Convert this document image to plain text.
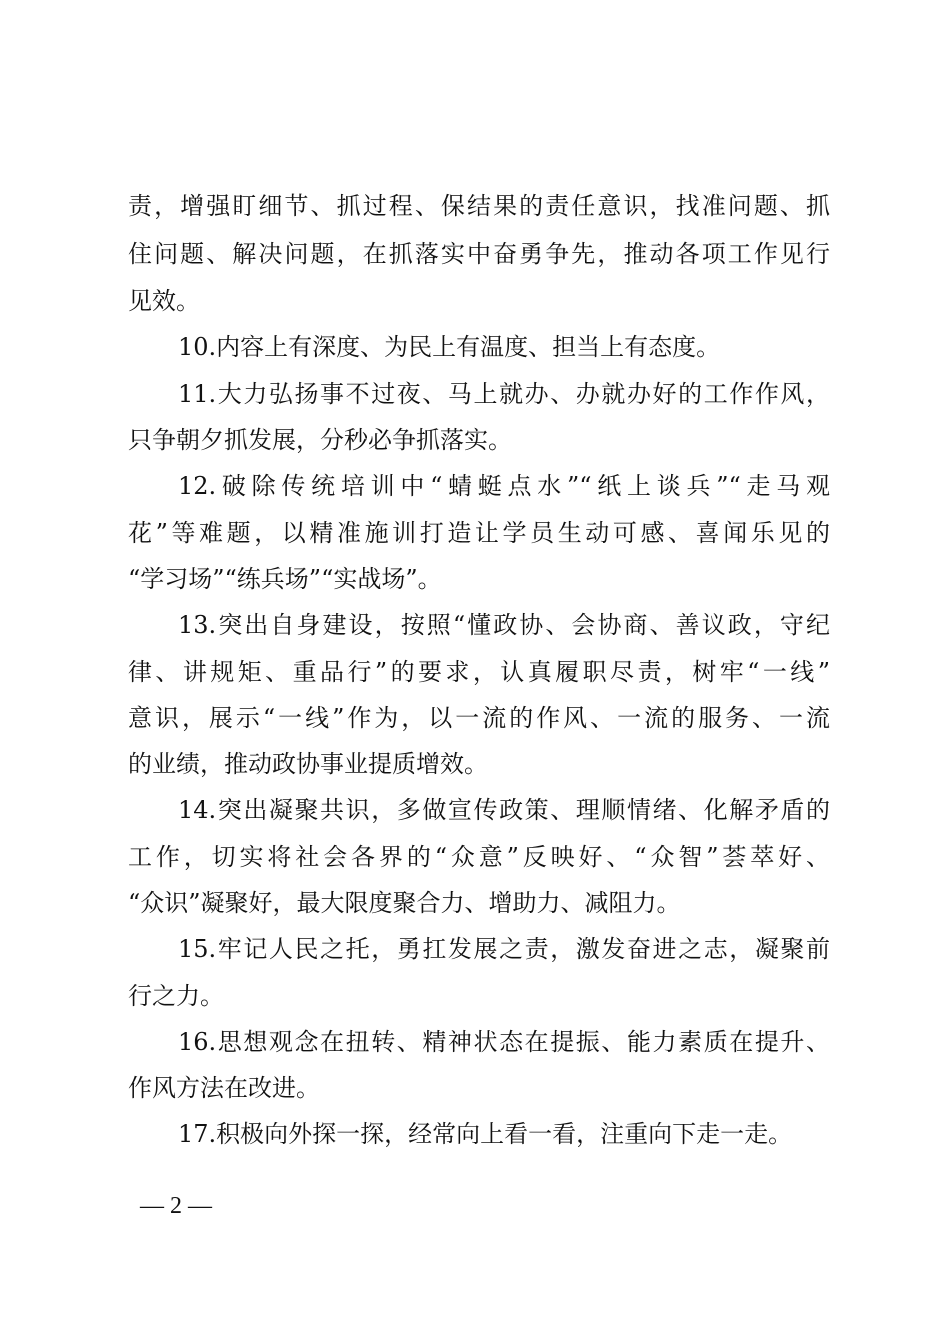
责，增强盯细节、抓过程、保结果的责任意识，找准问题、抓
住问题、解决问题，在抓落实中奋勇争先，推动各项工作见行
见效。
10.内容上有深度、为民上有温度、担当上有态度。
11.大力弘扬事不过夜、马上就办、办就办好的工作作风，
只争朝夕抓发展，分秒必争抓落实。
12.破除传统培训中“蜻蜓点水”“纸上谈兵”“走马观
花”等难题，以精准施训打造让学员生动可感、喜闻乐见的
“学习场”“练兵场”“实战场”。
13.突出自身建设，按照“懂政协、会协商、善议政，守纪
律、讲规矩、重品行”的要求，认真履职尽责，树牢“一线”
意识，展示“一线”作为，以一流的作风、一流的服务、一流
的业绩，推动政协事业提质增效。
14.突出凝聚共识，多做宣传政策、理顺情绪、化解矛盾的
工作，切实将社会各界的“众意”反映好、“众智”荟萃好、
“众识”凝聚好，最大限度聚合力、增助力、减阻力。
15.牢记人民之托，勇扛发展之责，激发奋进之志，凝聚前
行之力。
16.思想观念在扭转、精神状态在提振、能力素质在提升、
作风方法在改进。
17.积极向外探一探，经常向上看一看，注重向下走一走。
— 2 —
